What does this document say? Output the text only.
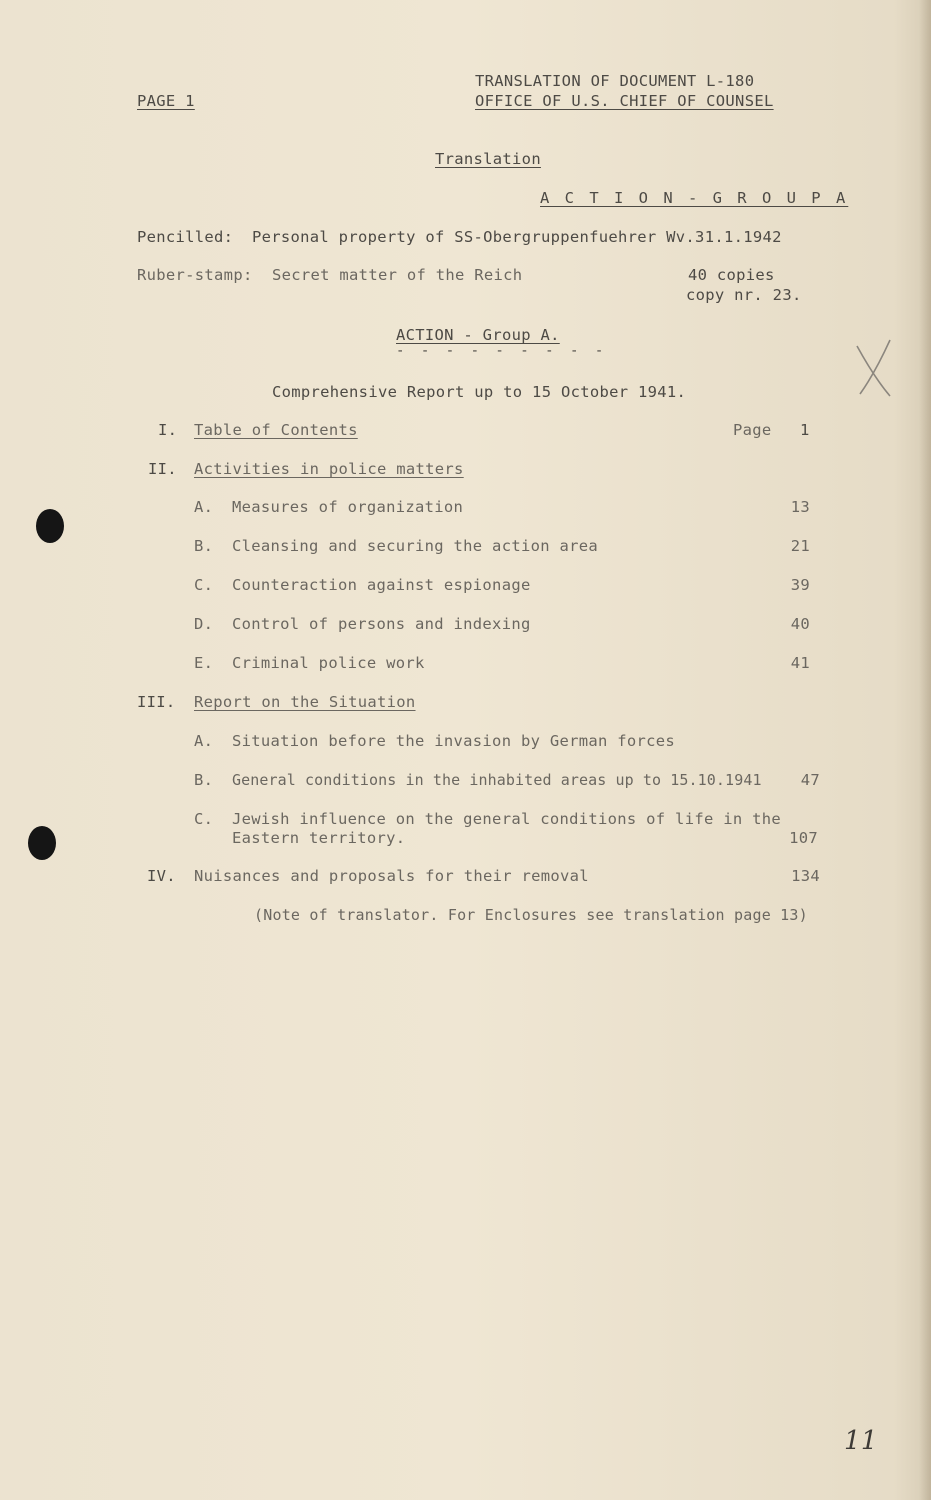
PAGE 1
TRANSLATION OF DOCUMENT L-180
OFFICE OF U.S. CHIEF OF COUNSEL
Translation
A C T I O N - G R O U P A
Pencilled: Personal property of SS-Obergruppenfuehrer Wv.31.1.1942
Ruber-stamp: Secret matter of the Reich	40 copies
copy nr. 23.
ACTION - Group A.
- - - - - - - - -
Comprehensive Report up to 15 October 1941.
I. Table of Contents	Page 1
II. Activities in police matters
A. Measures of organization	13
B. Cleansing and securing the action area	21
C. Counteraction against espionage	39
D. Control of persons and indexing	40
E. Criminal police work	41
III. Report on the Situation
A. Situation before the invasion by German forces
B. General conditions in the inhabited areas up to 15.10.1941	47
C. Jewish influence on the general conditions of life in the
Eastern territory.	107
IV. Nuisances and proposals for their removal	134
(Note of translator. For Enclosures see translation page 13)
11
